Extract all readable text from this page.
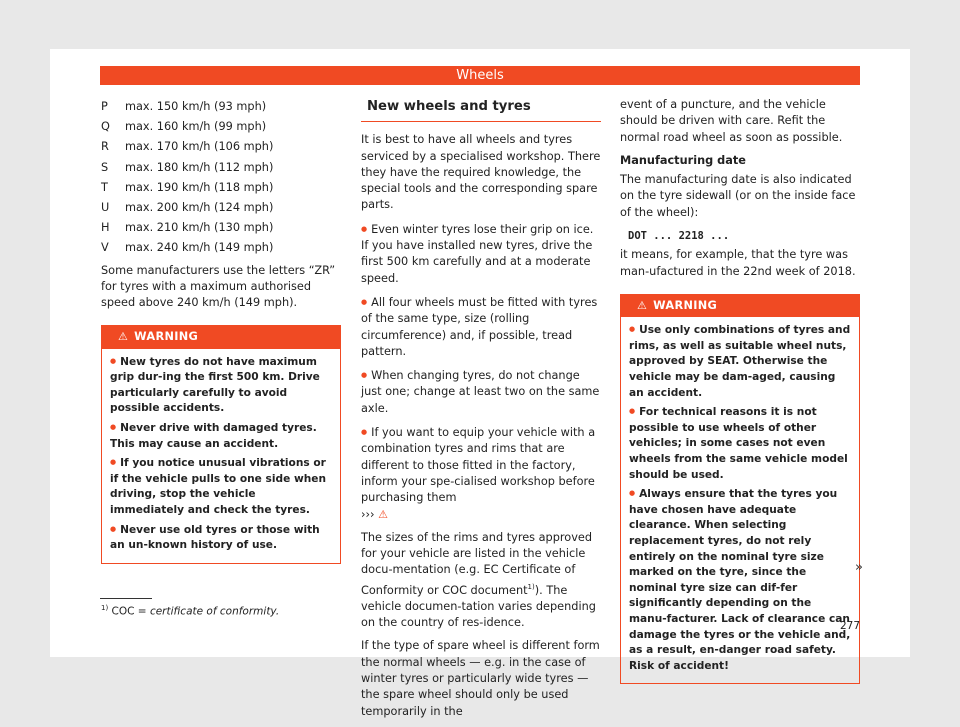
Wheels
P	max. 150 km/h (93 mph)
Q	max. 160 km/h (99 mph)
R	max. 170 km/h (106 mph)
S	max. 180 km/h (112 mph)
T	max. 190 km/h (118 mph)
U	max. 200 km/h (124 mph)
H	max. 210 km/h (130 mph)
V	max. 240 km/h (149 mph)

Some manufacturers use the letters “ZR” for tyres with a maximum authorised speed above 240 km/h (149 mph).

⚠ WARNING
● New tyres do not have maximum grip dur-ing the first 500 km. Drive particularly carefully to avoid possible accidents.
● Never drive with damaged tyres. This may cause an accident.
● If you notice unusual vibrations or if the vehicle pulls to one side when driving, stop the vehicle immediately and check the tyres.
● Never use old tyres or those with an un-known history of use.
New wheels and tyres

It is best to have all wheels and tyres serviced by a specialised workshop. There they have the required knowledge, the special tools and the corresponding spare parts.

● Even winter tyres lose their grip on ice. If you have installed new tyres, drive the first 500 km carefully and at a moderate speed.

● All four wheels must be fitted with tyres of the same type, size (rolling circumference) and, if possible, tread pattern.

● When changing tyres, do not change just one; change at least two on the same axle.

● If you want to equip your vehicle with a combination tyres and rims that are different to those fitted in the factory, inform your spe-cialised workshop before purchasing them
››› ⚠

The sizes of the rims and tyres approved for your vehicle are listed in the vehicle docu-mentation (e.g. EC Certificate of Conformity or COC document$^{1)}$). The vehicle documen-tation varies depending on the country of res-idence.

If the type of spare wheel is different form the normal wheels — e.g. in the case of winter tyres or particularly wide tyres — the spare wheel should only be used temporarily in the

event of a puncture, and the vehicle should be driven with care. Refit the normal road wheel as soon as possible.

Manufacturing date

The manufacturing date is also indicated on the tyre sidewall (or on the inside face of the wheel):

DOT ... 2218 ...

it means, for example, that the tyre was man-ufactured in the 22nd week of 2018.

⚠ WARNING
● Use only combinations of tyres and rims, as well as suitable wheel nuts, approved by SEAT. Otherwise the vehicle may be dam-aged, causing an accident.
● For technical reasons it is not possible to use wheels of other vehicles; in some cases not even wheels from the same vehicle model should be used.
● Always ensure that the tyres you have chosen have adequate clearance. When selecting replacement tyres, do not rely entirely on the nominal tyre size marked on the tyre, since the nominal tyre size can dif-fer significantly depending on the manu-facturer. Lack of clearance can damage the tyres or the vehicle and, as a result, en-danger road safety. Risk of accident!
»
$^{1)}$ COC = certificate of conformity.
277
